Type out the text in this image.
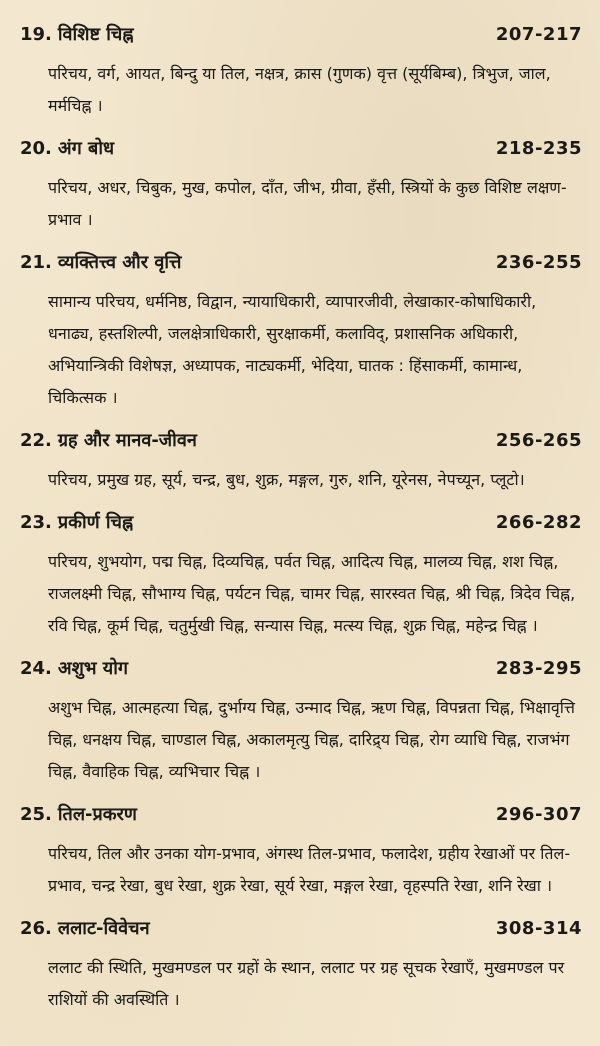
19. विशिष्ट चिह्न	207-217
परिचय, वर्ग, आयत, बिन्दु या तिल, नक्षत्र, क्रास (गुणक) वृत्त (सूर्यबिम्ब), त्रिभुज, जाल, मर्मचिह्न ।
20. अंग बोध	218-235
परिचय, अधर, चिबुक, मुख, कपोल, दाँत, जीभ, ग्रीवा, हँसी, स्त्रियों के कुछ विशिष्ट लक्षण-प्रभाव ।
21. व्यक्तित्त्व और वृत्ति	236-255
सामान्य परिचय, धर्मनिष्ठ, विद्वान, न्यायाधिकारी, व्यापारजीवी, लेखाकार-कोषाधिकारी, धनाढ्य, हस्तशिल्पी, जलक्षेत्राधिकारी, सुरक्षाकर्मी, कलाविद्, प्रशासनिक अधिकारी, अभियान्त्रिकी विशेषज्ञ, अध्यापक, नाट्यकर्मी, भेदिया, घातक : हिंसाकर्मी, कामान्ध, चिकित्सक ।
22. ग्रह और मानव-जीवन	256-265
परिचय, प्रमुख ग्रह, सूर्य, चन्द्र, बुध, शुक्र, मङ्गल, गुरु, शनि, यूरेनस, नेपच्यून, प्लूटो।
23. प्रकीर्ण चिह्न	266-282
परिचय, शुभयोग, पद्म चिह्न, दिव्यचिह्न, पर्वत चिह्न, आदित्य चिह्न, मालव्य चिह्न, शश चिह्न, राजलक्ष्मी चिह्न, सौभाग्य चिह्न, पर्यटन चिह्न, चामर चिह्न, सारस्वत चिह्न, श्री चिह्न, त्रिदेव चिह्न, रवि चिह्न, कूर्म चिह्न, चतुर्मुखी चिह्न, सन्यास चिह्न, मत्स्य चिह्न, शुक्र चिह्न, महेन्द्र चिह्न ।
24. अशुभ योग	283-295
अशुभ चिह्न, आत्महत्या चिह्न, दुर्भाग्य चिह्न, उन्माद चिह्न, ऋण चिह्न, विपन्नता चिह्न, भिक्षावृत्ति चिह्न, धनक्षय चिह्न, चाण्डाल चिह्न, अकालमृत्यु चिह्न, दारिद्र्य चिह्न, रोग व्याधि चिह्न, राजभंग चिह्न, वैवाहिक चिह्न, व्यभिचार चिह्न ।
25. तिल-प्रकरण	296-307
परिचय, तिल और उनका योग-प्रभाव, अंगस्थ तिल-प्रभाव, फलादेश, ग्रहीय रेखाओं पर तिल-प्रभाव, चन्द्र रेखा, बुध रेखा, शुक्र रेखा, सूर्य रेखा, मङ्गल रेखा, वृहस्पति रेखा, शनि रेखा ।
26. ललाट-विवेचन	308-314
ललाट की स्थिति, मुखमण्डल पर ग्रहों के स्थान, ललाट पर ग्रह सूचक रेखाएँ, मुखमण्डल पर राशियों की अवस्थिति ।
